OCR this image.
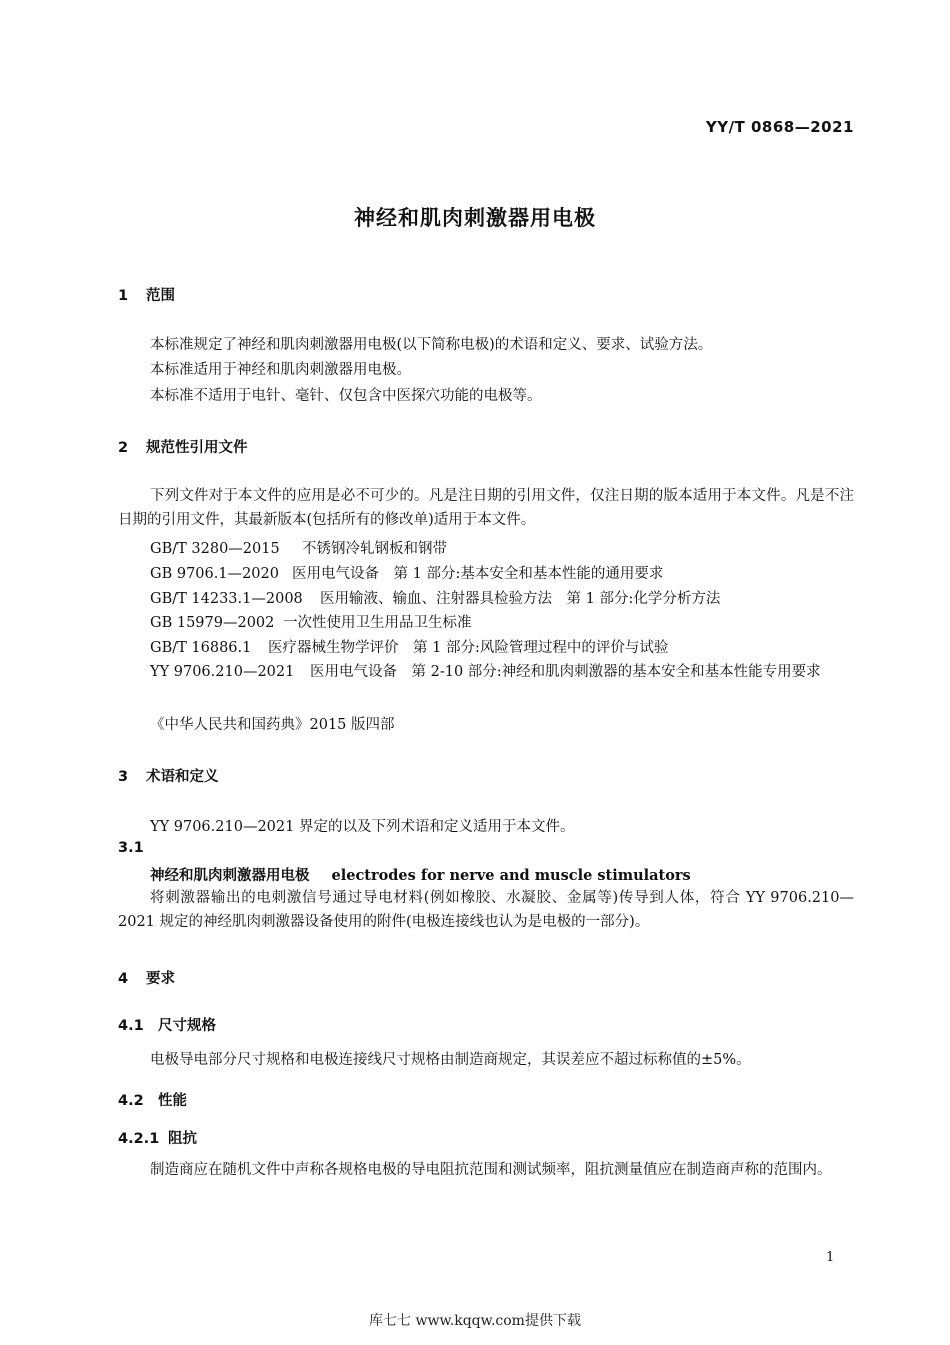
YY/T 0868—2021
神经和肌肉刺激器用电极
1 范围
本标准规定了神经和肌肉刺激器用电极(以下简称电极)的术语和定义、要求、试验方法。
本标准适用于神经和肌肉刺激器用电极。
本标准不适用于电针、毫针、仅包含中医探穴功能的电极等。
2 规范性引用文件
下列文件对于本文件的应用是必不可少的。凡是注日期的引用文件，仅注日期的版本适用于本文件。凡是不注日期的引用文件，其最新版本(包括所有的修改单)适用于本文件。
GB/T 3280—2015 不锈钢冷轧钢板和钢带
GB 9706.1—2020 医用电气设备　第 1 部分:基本安全和基本性能的通用要求
GB/T 14233.1—2008 医用输液、输血、注射器具检验方法　第 1 部分:化学分析方法
GB 15979—2002 一次性使用卫生用品卫生标准
GB/T 16886.1 医疗器械生物学评价　第 1 部分:风险管理过程中的评价与试验
YY 9706.210—2021 医用电气设备　第 2-10 部分:神经和肌肉刺激器的基本安全和基本性能专用要求
《中华人民共和国药典》2015 版四部
3 术语和定义
YY 9706.210—2021 界定的以及下列术语和定义适用于本文件。
3.1
神经和肌肉刺激器用电极 electrodes for nerve and muscle stimulators
将刺激器输出的电刺激信号通过导电材料(例如橡胶、水凝胶、金属等)传导到人体，符合 YY 9706.210—2021 规定的神经肌肉刺激器设备使用的附件(电极连接线也认为是电极的一部分)。
4 要求
4.1 尺寸规格
电极导电部分尺寸规格和电极连接线尺寸规格由制造商规定，其误差应不超过标称值的±5%。
4.2 性能
4.2.1 阻抗
制造商应在随机文件中声称各规格电极的导电阻抗范围和测试频率，阻抗测量值应在制造商声称的范围内。
1
库七七 www.kqqw.com提供下载
